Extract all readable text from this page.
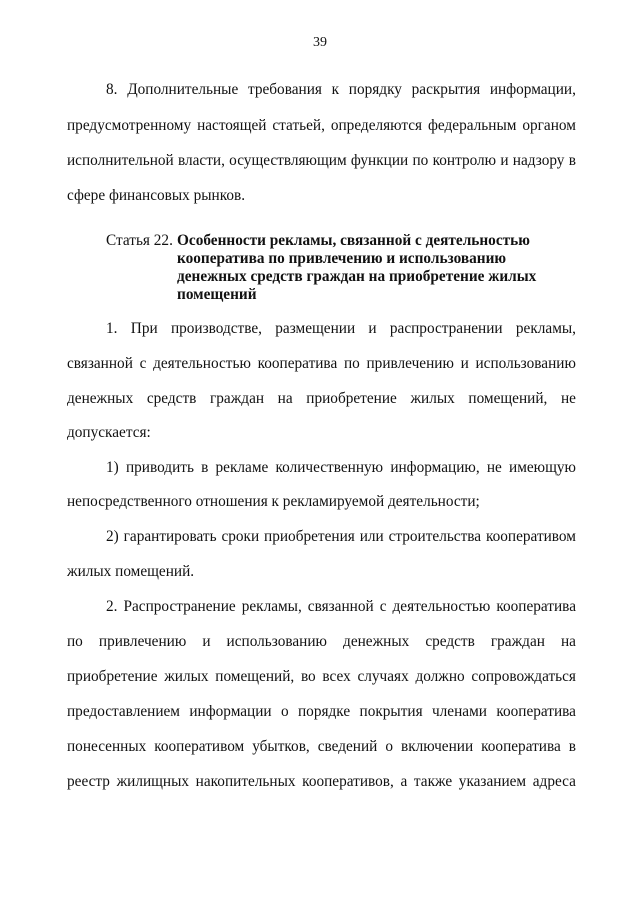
39
8. Дополнительные требования к порядку раскрытия информации,
предусмотренному настоящей статьей, определяются федеральным органом
исполнительной власти, осуществляющим функции по контролю и надзору в
сфере финансовых рынков.
Статья 22. Особенности рекламы, связанной с деятельностью
кооператива по привлечению и использованию
денежных средств граждан на приобретение жилых
помещений
1. При производстве, размещении и распространении рекламы,
связанной с деятельностью кооператива по привлечению и использованию
денежных средств граждан на приобретение жилых помещений, не
допускается:
1) приводить в рекламе количественную информацию, не имеющую
непосредственного отношения к рекламируемой деятельности;
2) гарантировать сроки приобретения или строительства кооперативом
жилых помещений.
2. Распространение рекламы, связанной с деятельностью кооператива
по привлечению и использованию денежных средств граждан на
приобретение жилых помещений, во всех случаях должно сопровождаться
предоставлением информации о порядке покрытия членами кооператива
понесенных кооперативом убытков, сведений о включении кооператива в
реестр жилищных накопительных кооперативов, а также указанием адреса
